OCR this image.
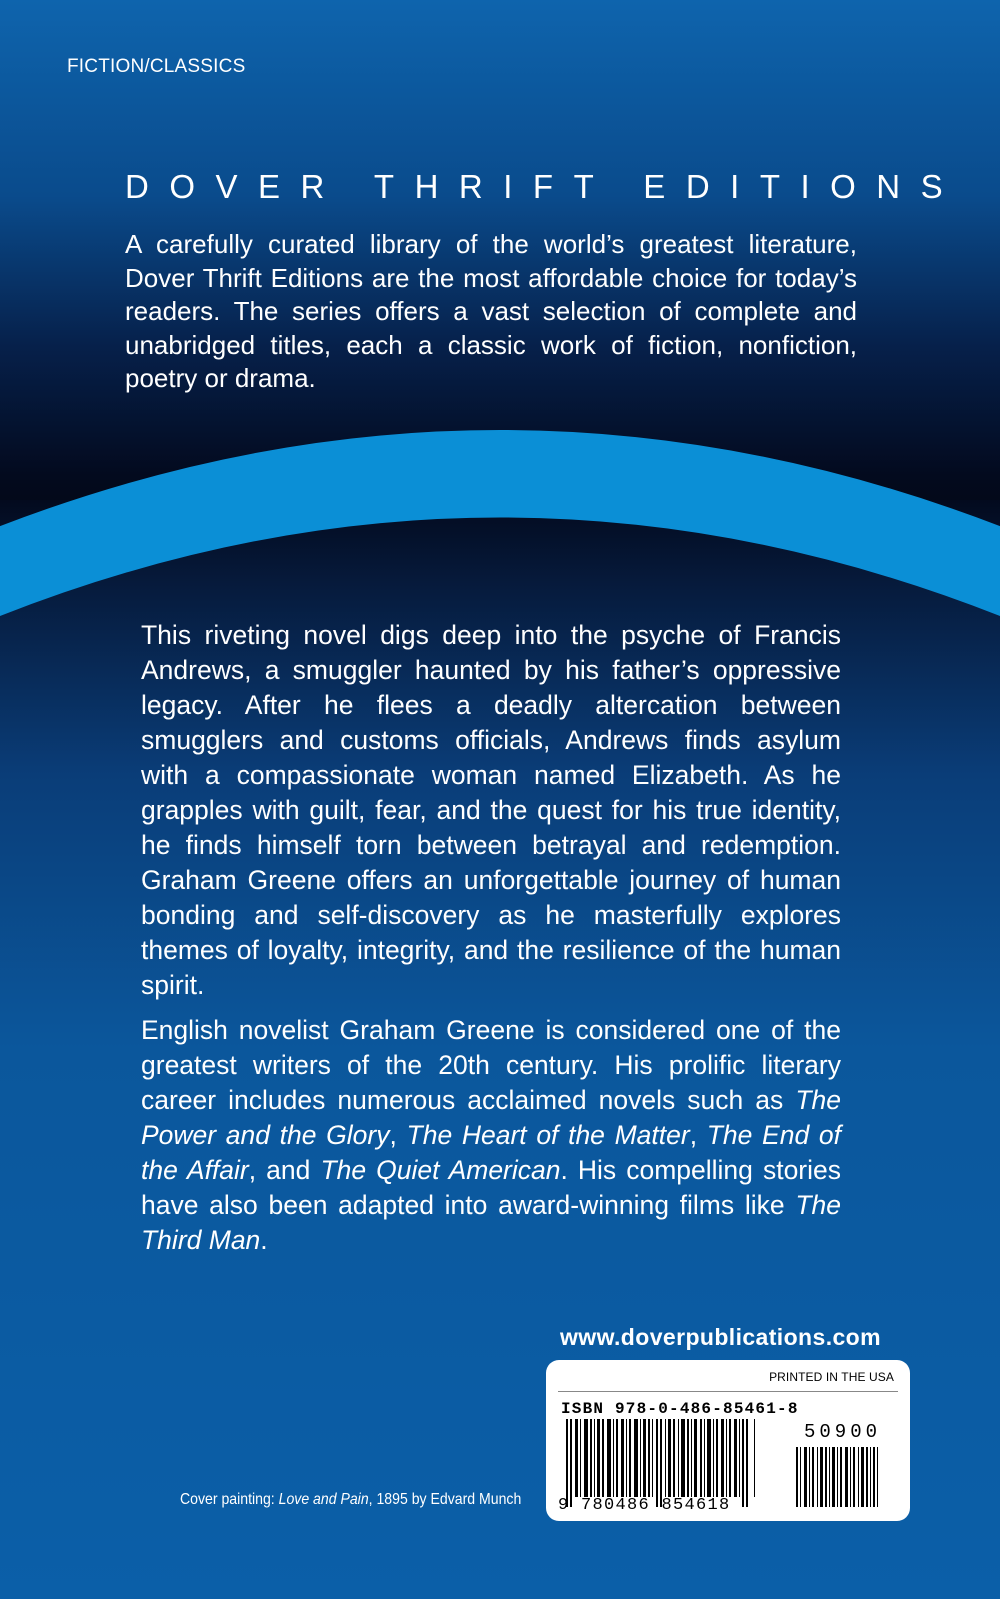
FICTION/CLASSICS
DOVER THRIFT EDITIONS
A carefully curated library of the world’s greatest literature, Dover Thrift Editions are the most affordable choice for today’s readers. The series offers a vast selection of complete and unabridged titles, each a classic work of fiction, nonfiction, poetry or drama.
This riveting novel digs deep into the psyche of Francis Andrews, a smuggler haunted by his father’s oppressive legacy. After he flees a deadly altercation between smugglers and customs officials, Andrews finds asylum with a compassionate woman named Elizabeth. As he grapples with guilt, fear, and the quest for his true identity, he finds himself torn between betrayal and redemption. Graham Greene offers an unforgettable journey of human bonding and self-discovery as he masterfully explores themes of loyalty, integrity, and the resilience of the human spirit.
English novelist Graham Greene is considered one of the greatest writers of the 20th century. His prolific literary career includes numerous acclaimed novels such as The Power and the Glory, The Heart of the Matter, The End of the Affair, and The Quiet American. His compelling stories have also been adapted into award-winning films like The Third Man.
www.doverpublications.com
Cover painting: Love and Pain, 1895 by Edvard Munch
PRINTED IN THE USA
ISBN 978-0-486-85461-8
50900
9 780486 854618
